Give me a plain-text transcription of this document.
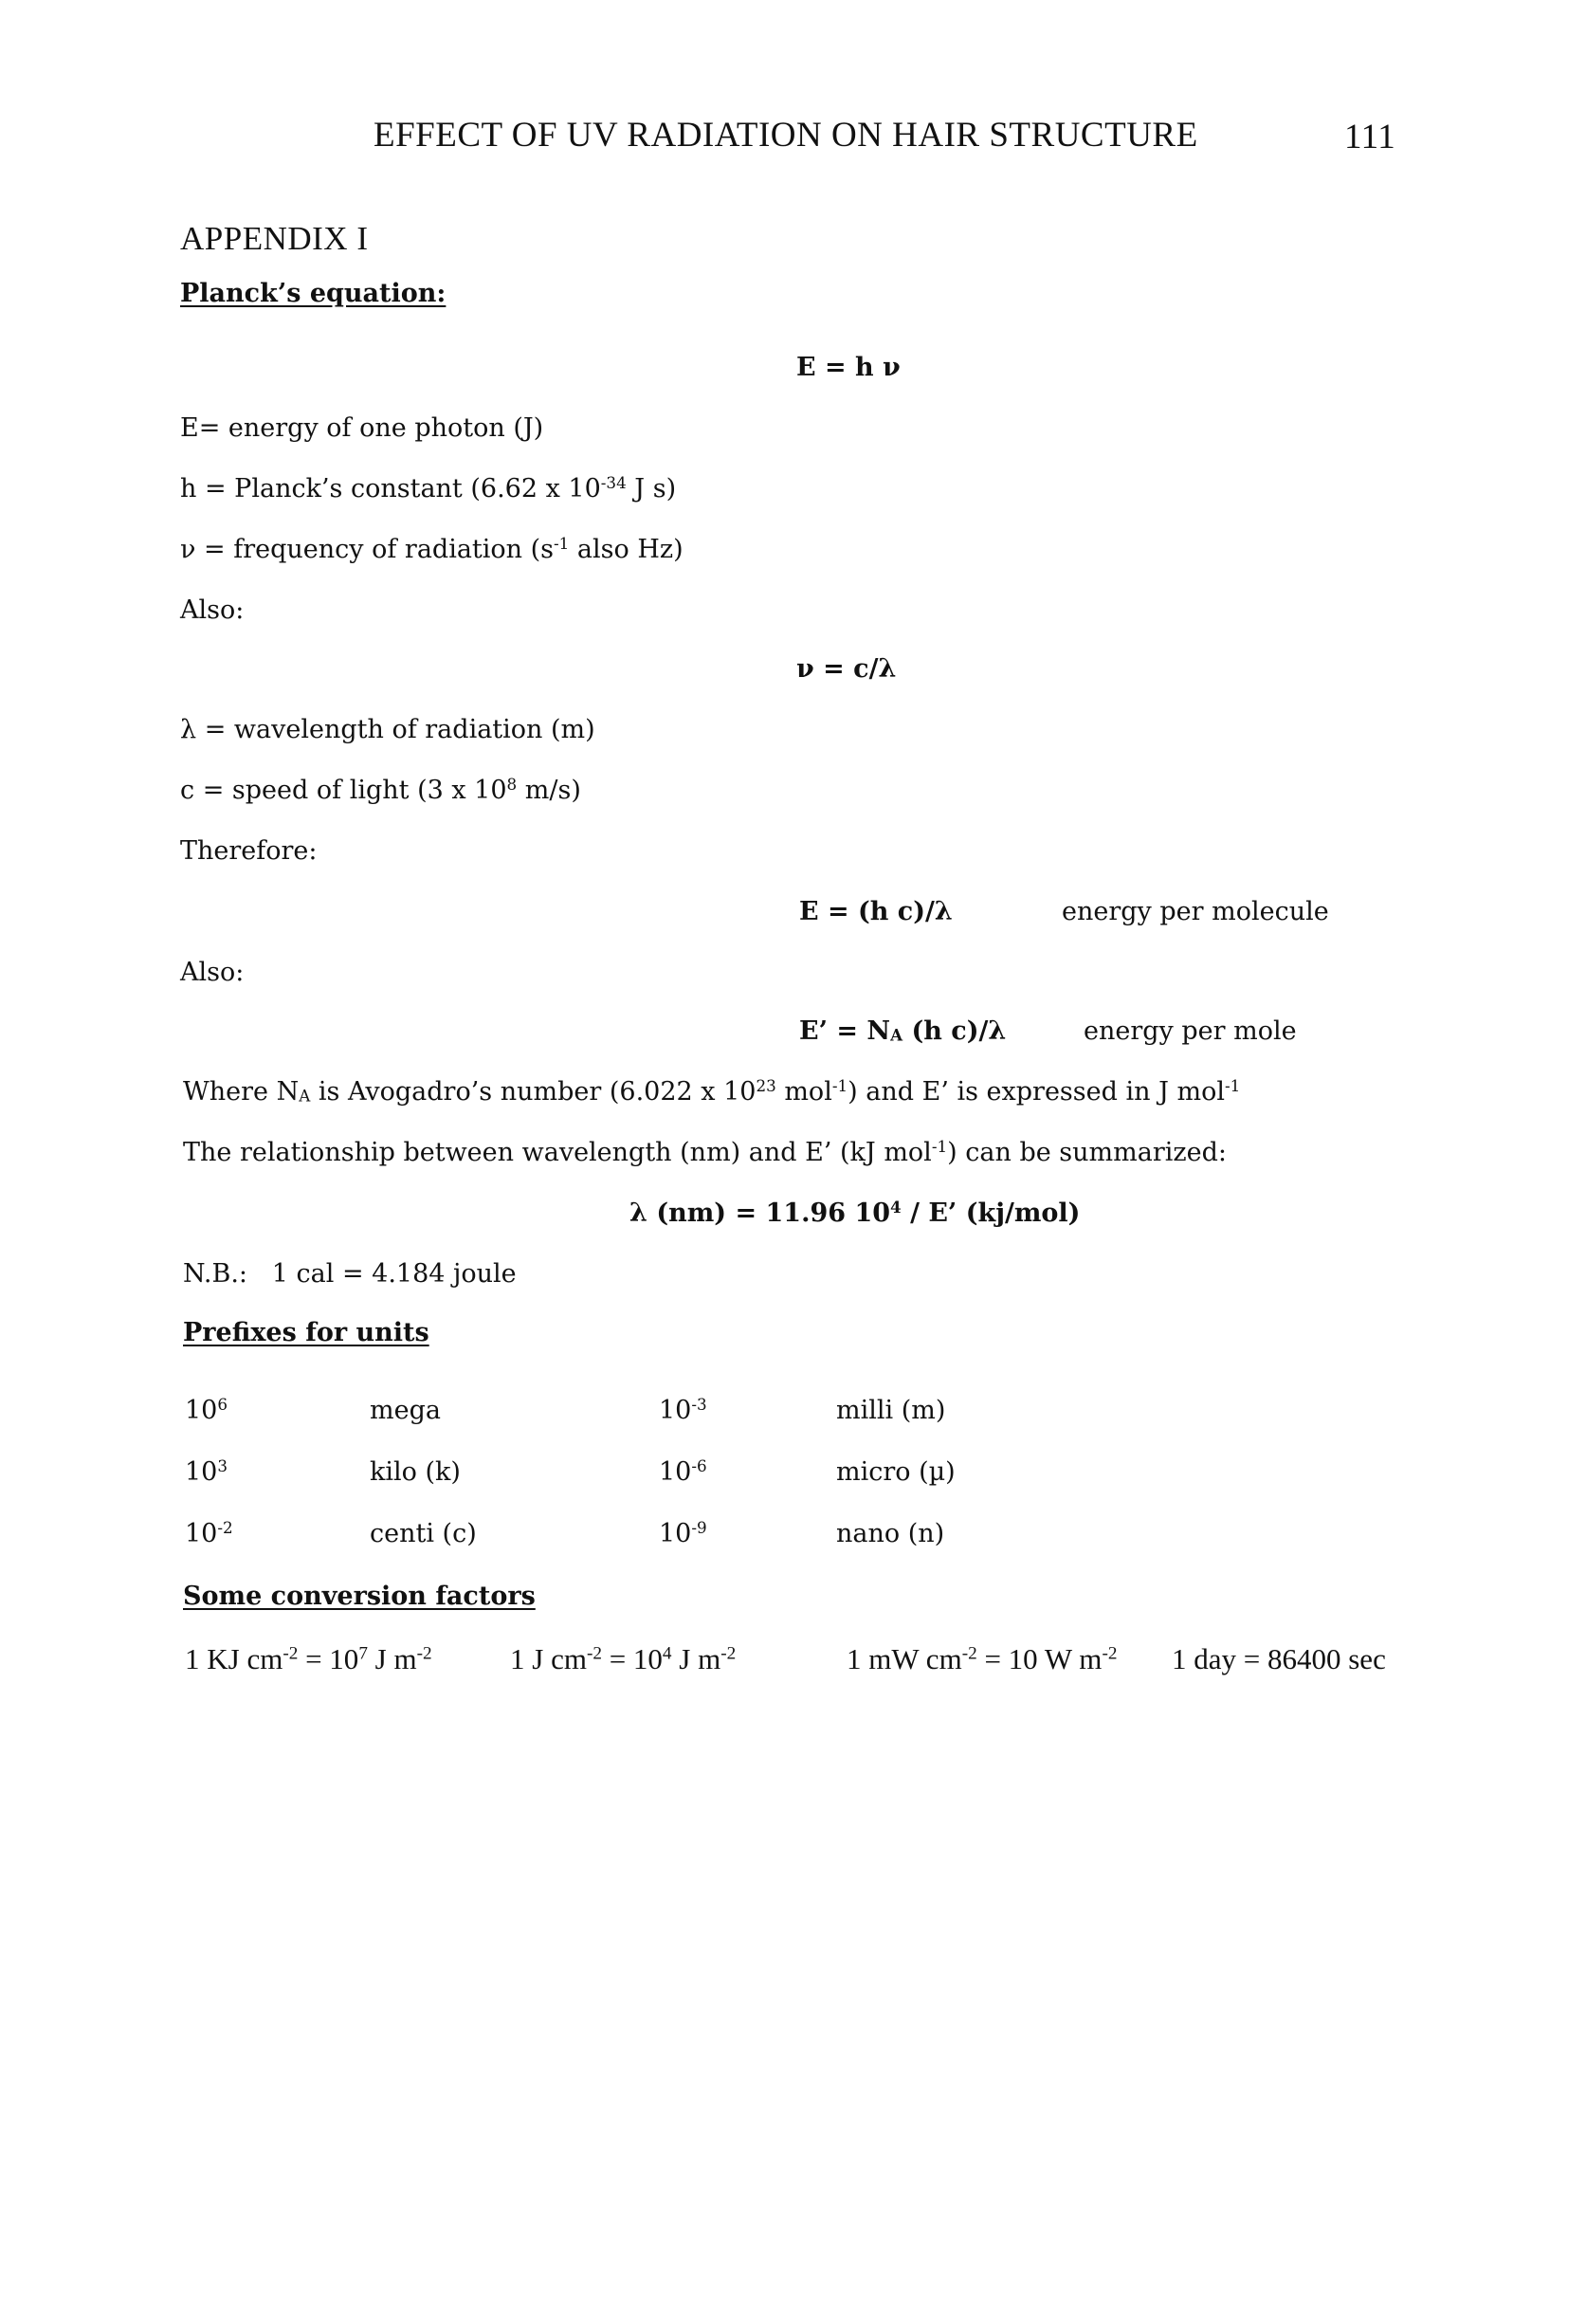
EFFECT OF UV RADIATION ON HAIR STRUCTURE	111
APPENDIX I
Planck’s equation:
E = h ν
E= energy of one photon (J)
h = Planck’s constant (6.62 x $10^{-34}$ J s)
ν = frequency of radiation ($s^{-1}$ also Hz)
Also:
ν = c/λ
λ = wavelength of radiation (m)
c = speed of light (3 x $10^8$ m/s)
Therefore:
E = (h c)/λ	energy per molecule
Also:
E’ = $N_A$ (h c)/λ	energy per mole
Where $N_A$ is Avogadro’s number (6.022 x $10^{23}$ mol$^{-1}$) and E’ is expressed in J mol$^{-1}$
The relationship between wavelength (nm) and E’ (kJ mol$^{-1}$) can be summarized:
λ (nm) = 11.96 $10^4$ / E’ (kj/mol)
N.B.:   1 cal = 4.184 joule
Prefixes for units
$10^6$	mega	$10^{-3}$	milli (m)
$10^3$	kilo (k)	$10^{-6}$	micro (µ)
$10^{-2}$	centi (c)	$10^{-9}$	nano (n)
Some conversion factors
1 KJ $cm^{-2} = 10^7$ J $m^{-2}$	1 J $cm^{-2} = 10^4$ J $m^{-2}$	1 mW $cm^{-2} = 10$ W $m^{-2}$ 1 day = 86400 sec
